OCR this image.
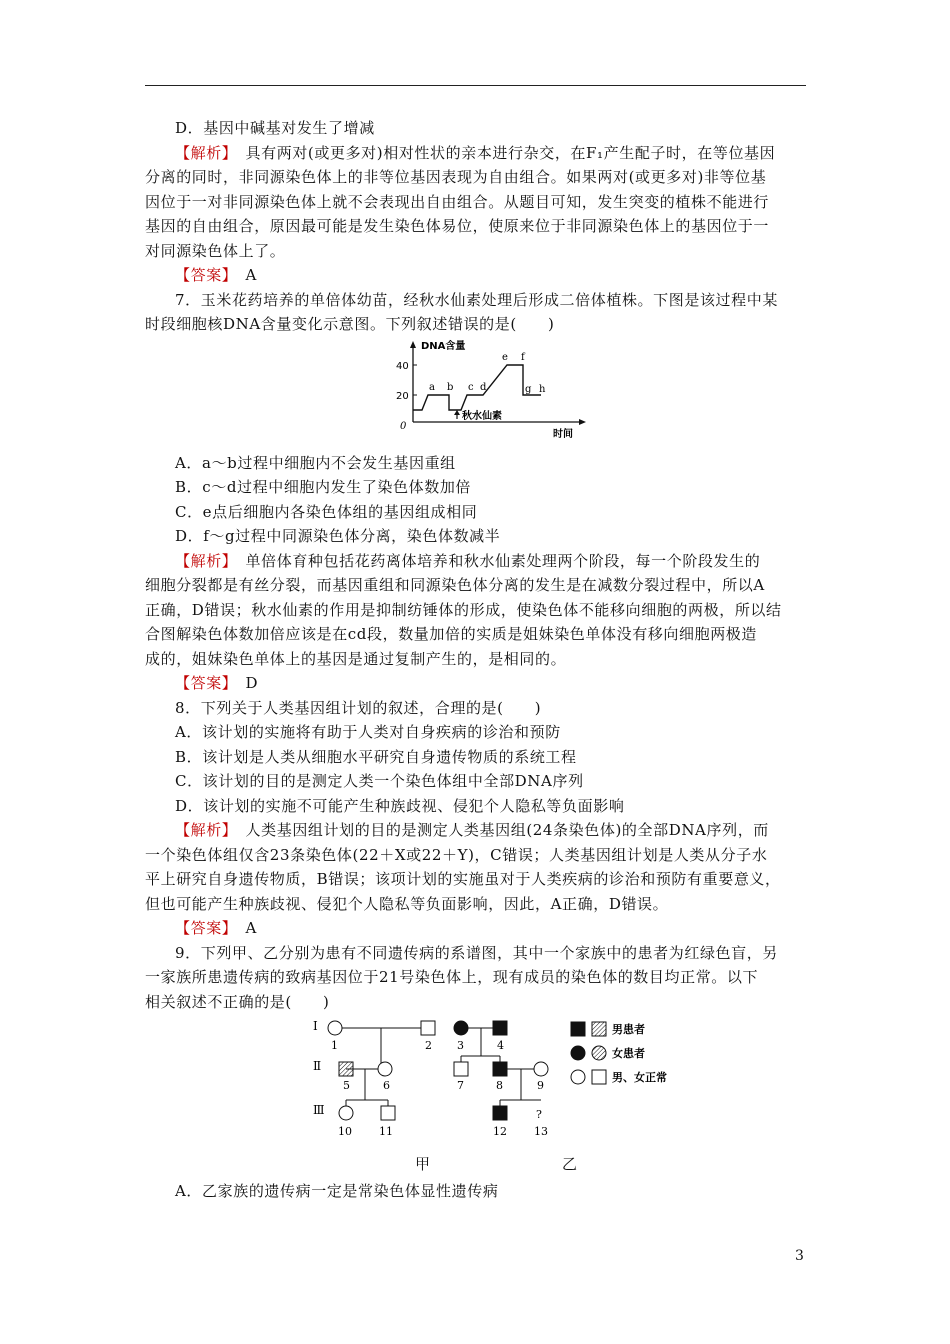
D．基因中碱基对发生了增减

【解析】　 具有两对(或更多对)相对性状的亲本进行杂交，在F₁产生配子时，在等位基因

分离的同时，非同源染色体上的非等位基因表现为自由组合。如果两对(或更多对)非等位基

因位于一对非同源染色体上就不会表现出自由组合。从题目可知，发生突变的植株不能进行

基因的自由组合，原因最可能是发生染色体易位，使原来位于非同源染色体上的基因位于一

对同源染色体上了。

【答案】　 A

7．玉米花药培养的单倍体幼苗，经秋水仙素处理后形成二倍体植株。下图是该过程中某

时段细胞核DNA含量变化示意图。下列叙述错误的是(　　)

DNA含量
时间
40
20
0
秋水仙素
a b c d
e f
g h

A．a～b过程中细胞内不会发生基因重组

B．c～d过程中细胞内发生了染色体数加倍

C．e点后细胞内各染色体组的基因组成相同

D．f～g过程中同源染色体分离，染色体数减半

【解析】　 单倍体育种包括花药离体培养和秋水仙素处理两个阶段，每一个阶段发生的

细胞分裂都是有丝分裂，而基因重组和同源染色体分离的发生是在减数分裂过程中，所以A

正确，D错误；秋水仙素的作用是抑制纺锤体的形成，使染色体不能移向细胞的两极，所以结

合图解染色体数加倍应该是在cd段，数量加倍的实质是姐妹染色单体没有移向细胞两极造

成的，姐妹染色单体上的基因是通过复制产生的，是相同的。

【答案】　 D

8．下列关于人类基因组计划的叙述，合理的是(　　)

A．该计划的实施将有助于人类对自身疾病的诊治和预防

B．该计划是人类从细胞水平研究自身遗传物质的系统工程

C．该计划的目的是测定人类一个染色体组中全部DNA序列

D．该计划的实施不可能产生种族歧视、侵犯个人隐私等负面影响

【解析】　 人类基因组计划的目的是测定人类基因组(24条染色体)的全部DNA序列，而

一个染色体组仅含23条染色体(22＋X或22＋Y)，C错误；人类基因组计划是人类从分子水

平上研究自身遗传物质，B错误；该项计划的实施虽对于人类疾病的诊治和预防有重要意义，

但也可能产生种族歧视、侵犯个人隐私等负面影响，因此，A正确，D错误。

【答案】　 A

9．下列甲、乙分别为患有不同遗传病的系谱图，其中一个家族中的患者为红绿色盲，另

一家族所患遗传病的致病基因位于21号染色体上，现有成员的染色体的数目均正常。以下

相关叙述不正确的是(　　)

Ⅰ
Ⅱ
Ⅲ
1	2
5	6
10 11
3	4
7	8	9
?
12 13
男患者
女患者
男、女正常
甲	乙

A．乙家族的遗传病一定是常染色体显性遗传病

3
